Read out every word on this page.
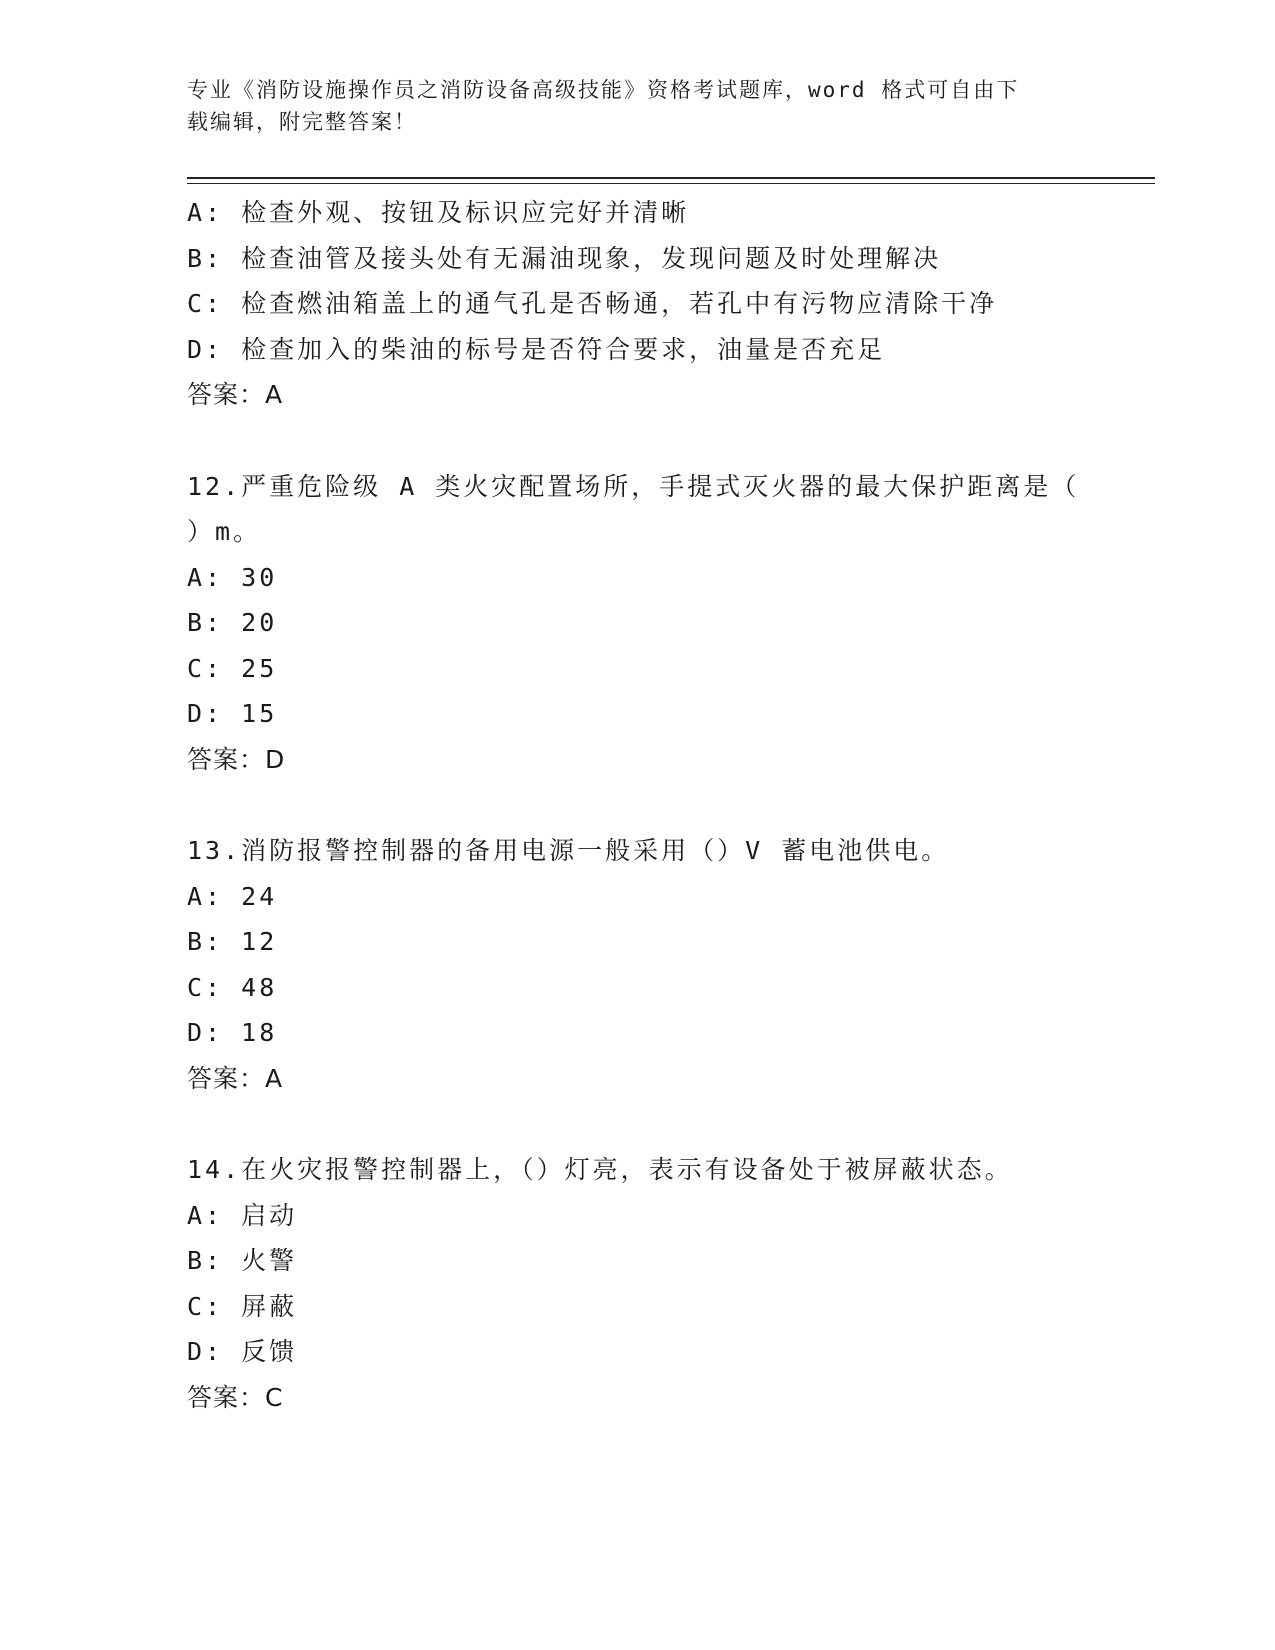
专业《消防设施操作员之消防设备高级技能》资格考试题库，word 格式可自由下
载编辑，附完整答案！
A: 检查外观、按钮及标识应完好并清晰
B: 检查油管及接头处有无漏油现象，发现问题及时处理解决
C: 检查燃油箱盖上的通气孔是否畅通，若孔中有污物应清除干净
D: 检查加入的柴油的标号是否符合要求，油量是否充足
答案：A
12.严重危险级 A 类火灾配置场所，手提式灭火器的最大保护距离是（
）m。
A: 30
B: 20
C: 25
D: 15
答案：D
13.消防报警控制器的备用电源一般采用（）V 蓄电池供电。
A: 24
B: 12
C: 48
D: 18
答案：A
14.在火灾报警控制器上，（）灯亮，表示有设备处于被屏蔽状态。
A: 启动
B: 火警
C: 屏蔽
D: 反馈
答案：C
